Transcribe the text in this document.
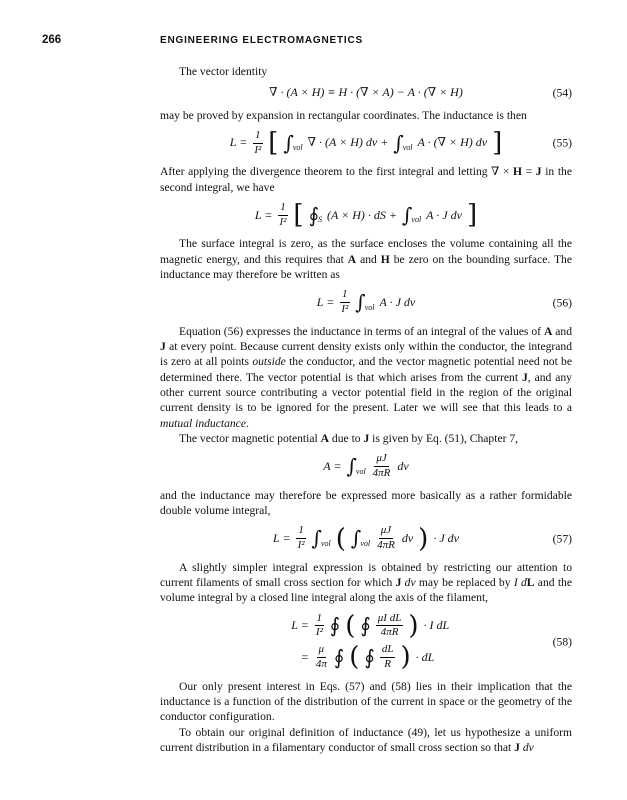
266	ENGINEERING ELECTROMAGNETICS

The vector identity

∇ · (A × H) ≡ H · (∇ × A) − A · (∇ × H)	(54)

may be proved by expansion in rectangular coordinates. The inductance is then

$L = \frac{1}{\text{I²}}$ [ ∫ vol ∇ · (A × H) dv + ∫ vol A · (∇ × H) dv ]	(55)

After applying the divergence theorem to the first integral and letting ∇ × H = J in the second integral, we have

$L = \frac{1}{\text{I²}}$ [ ∮ S (A × H) · dS + ∫ vol A · J dv ]

The surface integral is zero, as the surface encloses the volume containing all the magnetic energy, and this requires that A and H be zero on the bounding surface. The inductance may therefore be written as

$L = \frac{1}{\text{I²}}$ ∫ vol A · J dv	(56)

Equation (56) expresses the inductance in terms of an integral of the values of A and J at every point. Because current density exists only within the conductor, the integrand is zero at all points outside the conductor, and the vector magnetic potential need not be determined there. The vector potential is that which arises from the current J, and any other current source contributing a vector potential field in the region of the original current density is to be ignored for the present. Later we will see that this leads to a mutual inductance.

The vector magnetic potential A due to J is given by Eq. (51), Chapter 7,

A = ∫ vol $\frac{\mu J}{4\pi R}$ dv

and the inductance may therefore be expressed more basically as a rather formidable double volume integral,

$L = \frac{1}{\text{I²}}$ ∫ vol ( ∫ vol $\frac{\mu J}{4\pi R}$ dv ) · J dv	(57)

A slightly simpler integral expression is obtained by restricting our attention to current filaments of small cross section for which J dv may be replaced by I dL and the volume integral by a closed line integral along the axis of the filament,

$L = \frac{1}{\text{I²}}$ ∮ ( ∮ $\frac{\text{μI dL}}{4\pi R}$ ) · I dL
= $\frac{\mu}{4\pi}$ ∮ ( ∮ $\frac{dL}{R}$ ) · dL
(58)

Our only present interest in Eqs. (57) and (58) lies in their implication that the inductance is a function of the distribution of the current in space or the geometry of the conductor configuration.

To obtain our original definition of inductance (49), let us hypothesize a uniform current distribution in a filamentary conductor of small cross section so that J dv
